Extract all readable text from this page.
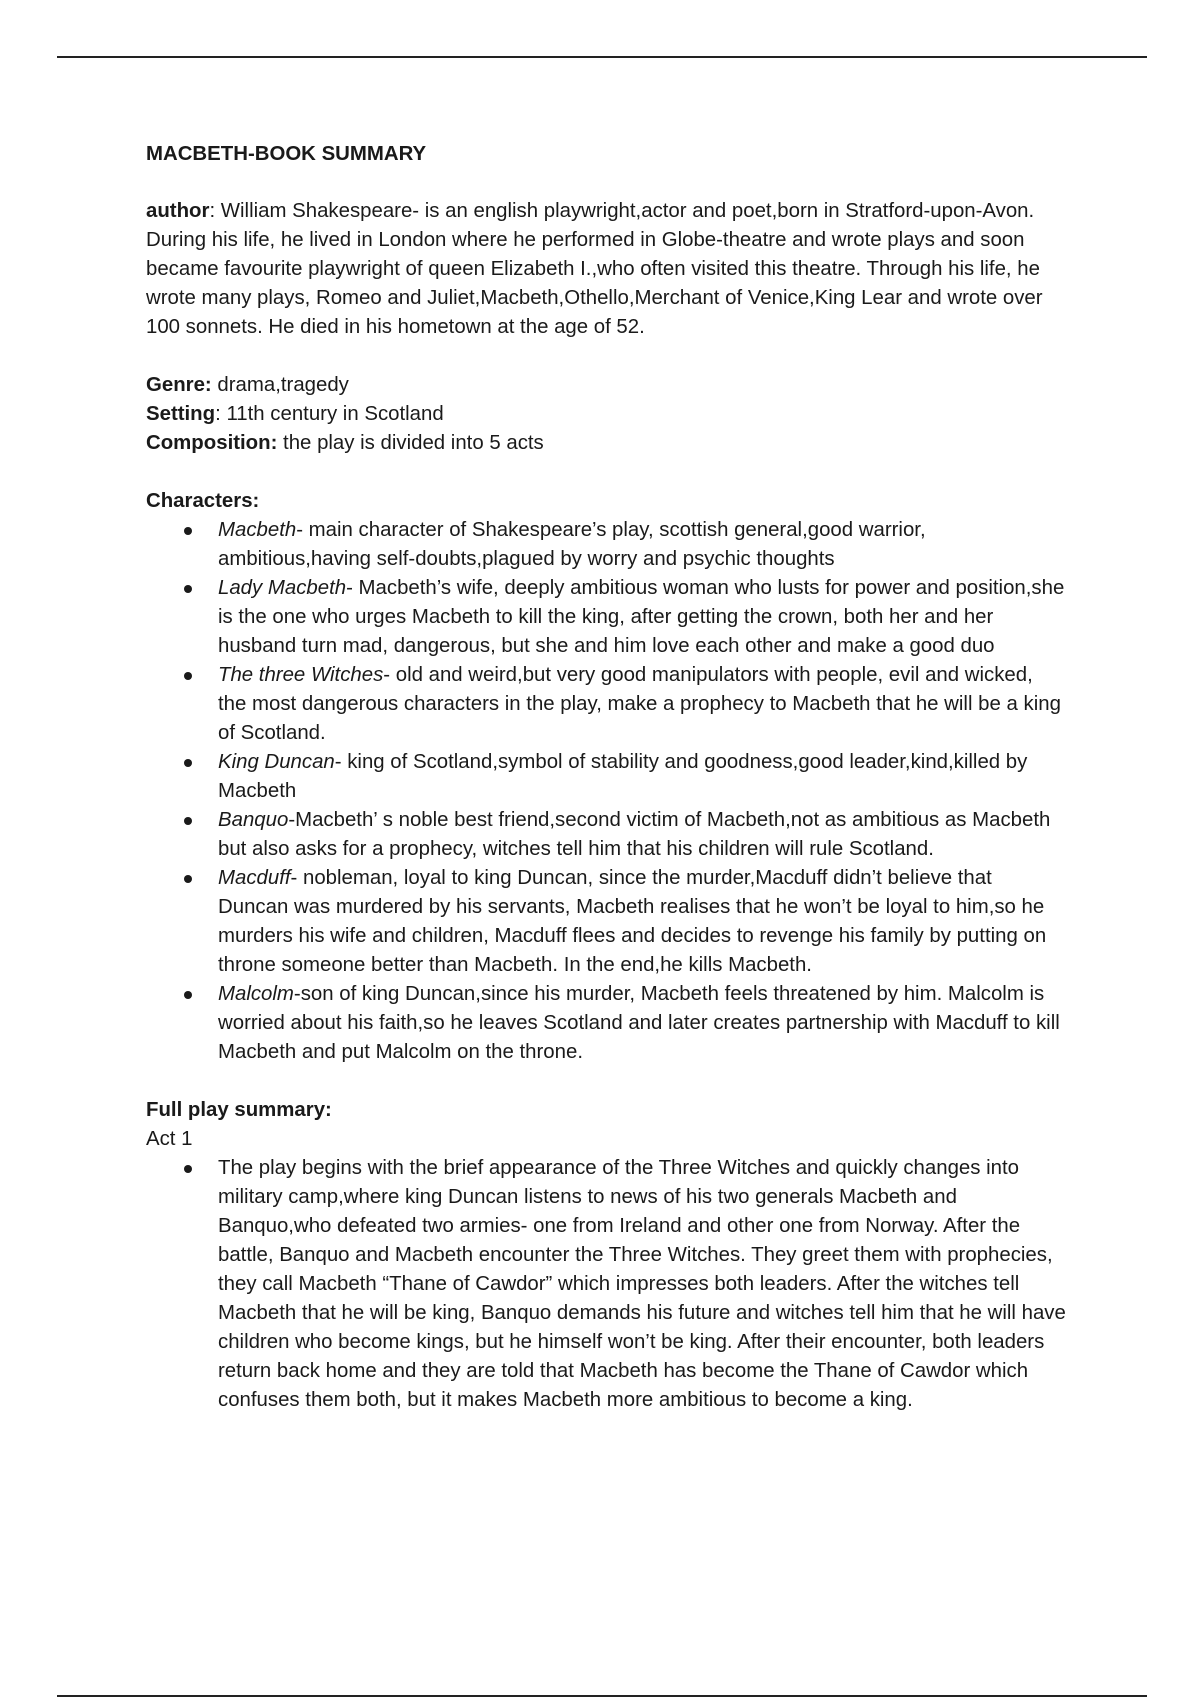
MACBETH-BOOK SUMMARY

author: William Shakespeare- is an english playwright,actor and poet,born in Stratford-upon-Avon. During his life, he lived in London where he performed in Globe-theatre and wrote plays and soon became favourite playwright of queen Elizabeth I.,who often visited this theatre. Through his life, he wrote many plays, Romeo and Juliet,Macbeth,Othello,Merchant of Venice,King Lear and wrote over 100 sonnets. He died in his hometown at the age of 52.

Genre: drama,tragedy

Setting: 11th century in Scotland

Composition: the play is divided into 5 acts

Characters:

Macbeth- main character of Shakespeare’s play, scottish general,good warrior, ambitious,having self-doubts,plagued by worry and psychic thoughts
Lady Macbeth- Macbeth’s wife, deeply ambitious woman who lusts for power and position,she is the one who urges Macbeth to kill the king, after getting the crown, both her and her husband turn mad, dangerous, but she and him love each other and make a good duo
The three Witches- old and weird,but very good manipulators with people, evil and wicked, the most dangerous characters in the play, make a prophecy to Macbeth that he will be a king of Scotland.
King Duncan- king of Scotland,symbol of stability and goodness,good leader,kind,killed by Macbeth
Banquo-Macbeth’ s noble best friend,second victim of Macbeth,not as ambitious as Macbeth but also asks for a prophecy, witches tell him that his children will rule Scotland.
Macduff- nobleman, loyal to king Duncan, since the murder,Macduff didn’t believe that Duncan was murdered by his servants, Macbeth realises that he won’t be loyal to him,so he murders his wife and children, Macduff flees and decides to revenge his family by putting on throne someone better than Macbeth. In the end,he kills Macbeth.
Malcolm-son of king Duncan,since his murder, Macbeth feels threatened by him. Malcolm is worried about his faith,so he leaves Scotland and later creates partnership with Macduff to kill Macbeth and put Malcolm on the throne.

Full play summary:

Act 1

The play begins with the brief appearance of the Three Witches and quickly changes into military camp,where king Duncan listens to news of his two generals Macbeth and Banquo,who defeated two armies- one from Ireland and other one from Norway. After the battle, Banquo and Macbeth encounter the Three Witches. They greet them with prophecies, they call Macbeth “Thane of Cawdor” which impresses both leaders. After the witches tell Macbeth that he will be king, Banquo demands his future and witches tell him that he will have children who become kings, but he himself won’t be king. After their encounter, both leaders return back home and they are told that Macbeth has become the Thane of Cawdor which confuses them both, but it makes Macbeth more ambitious to become a king.
